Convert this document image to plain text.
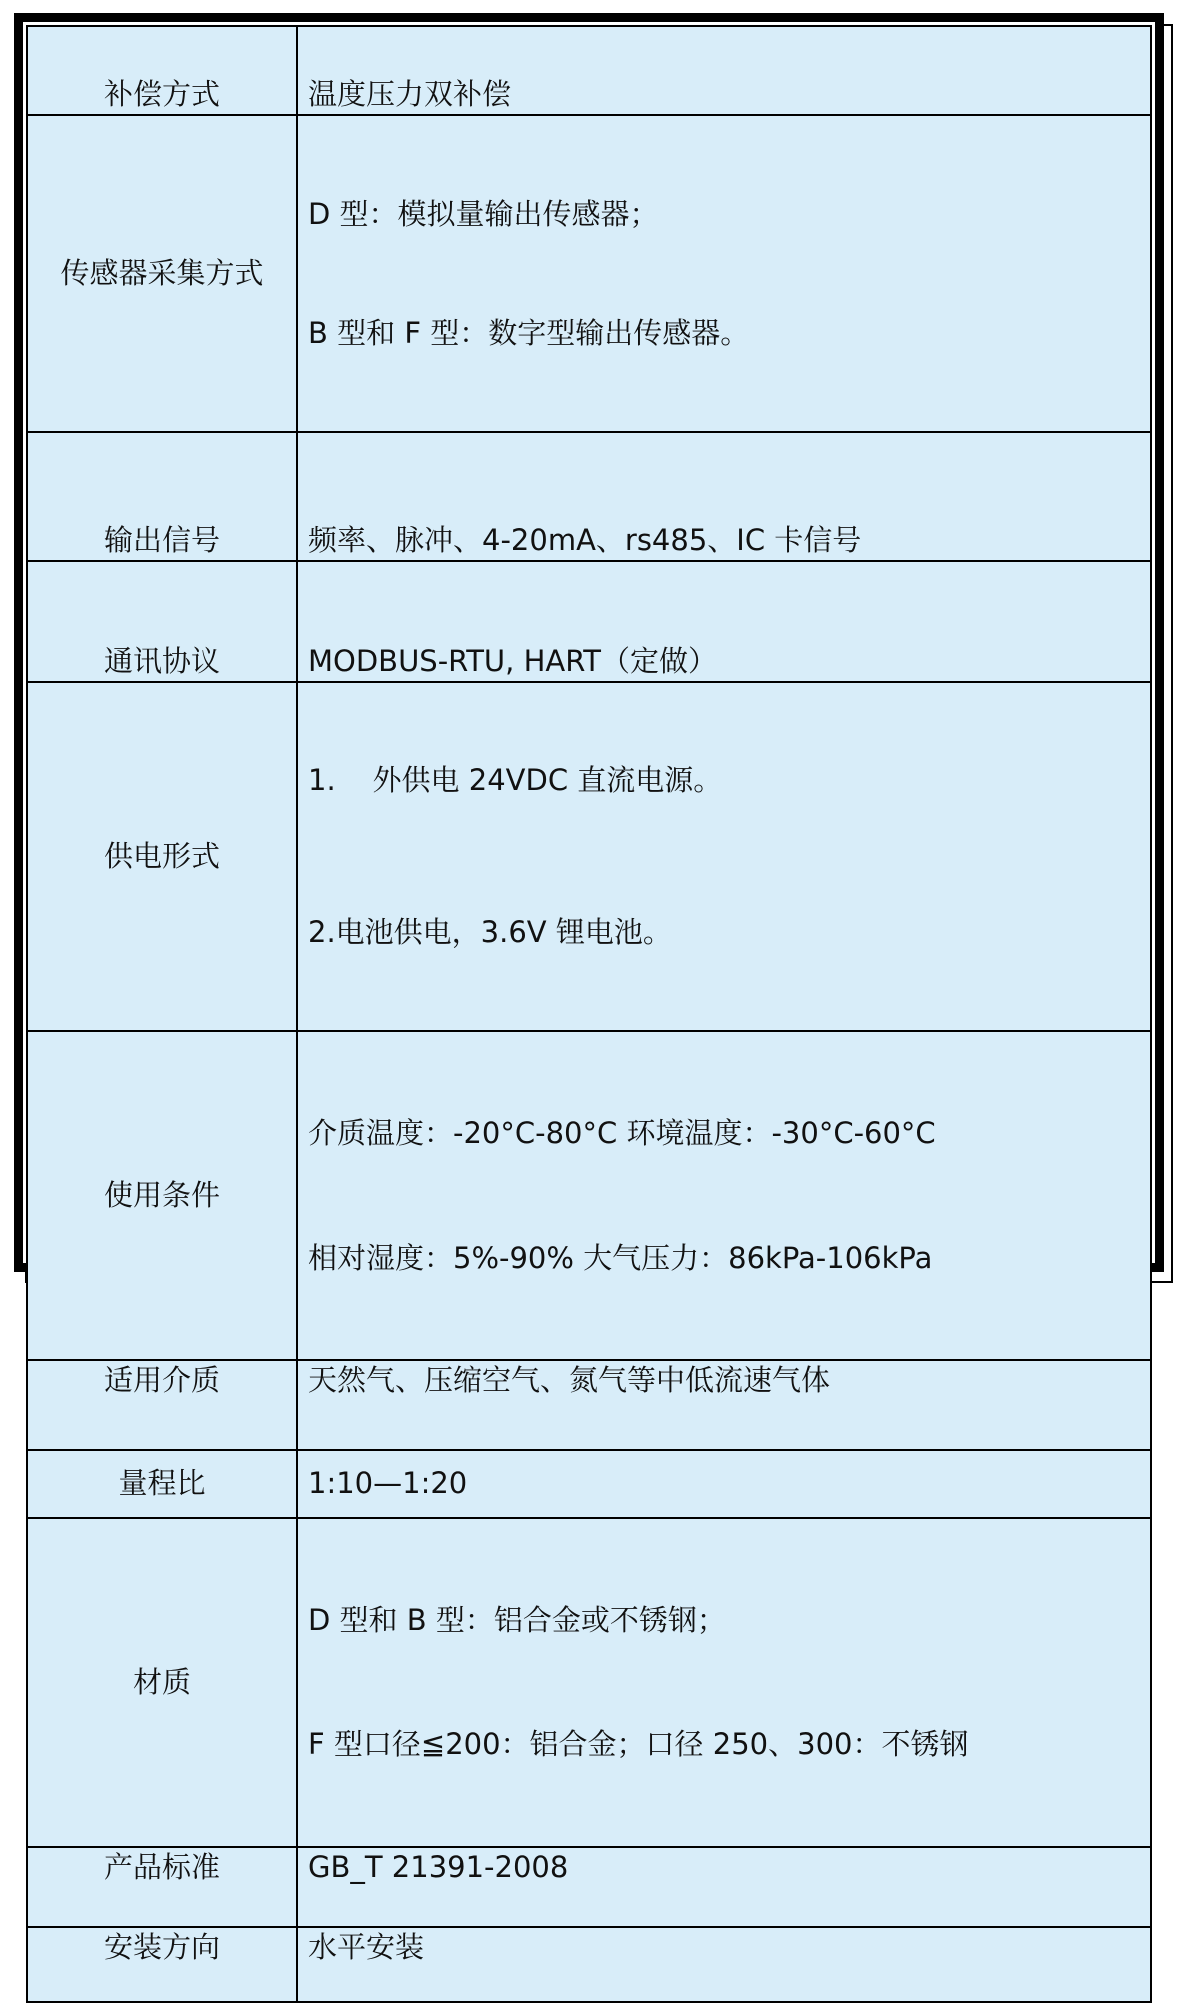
补偿方式	温度压力双补偿

传感器采集方式	D 型：模拟量输出传感器；

B 型和 F 型：数字型输出传感器。

输出信号	频率、脉冲、4-20mA、rs485、IC 卡信号

通讯协议	MODBUS-RTU, HART（定做）

供电形式	1.    外供电 24VDC 直流电源。

2.电池供电，3.6V 锂电池。

使用条件	介质温度：-20°C-80°C 环境温度：-30°C-60°C

相对湿度：5%-90% 大气压力：86kPa-106kPa

适用介质	天然气、压缩空气、氮气等中低流速气体

量程比	1:10—1:20

材质	D 型和 B 型：铝合金或不锈钢；

F 型口径≦200：铝合金；口径 250、300：不锈钢

产品标准	GB_T 21391-2008

安装方向	水平安装
